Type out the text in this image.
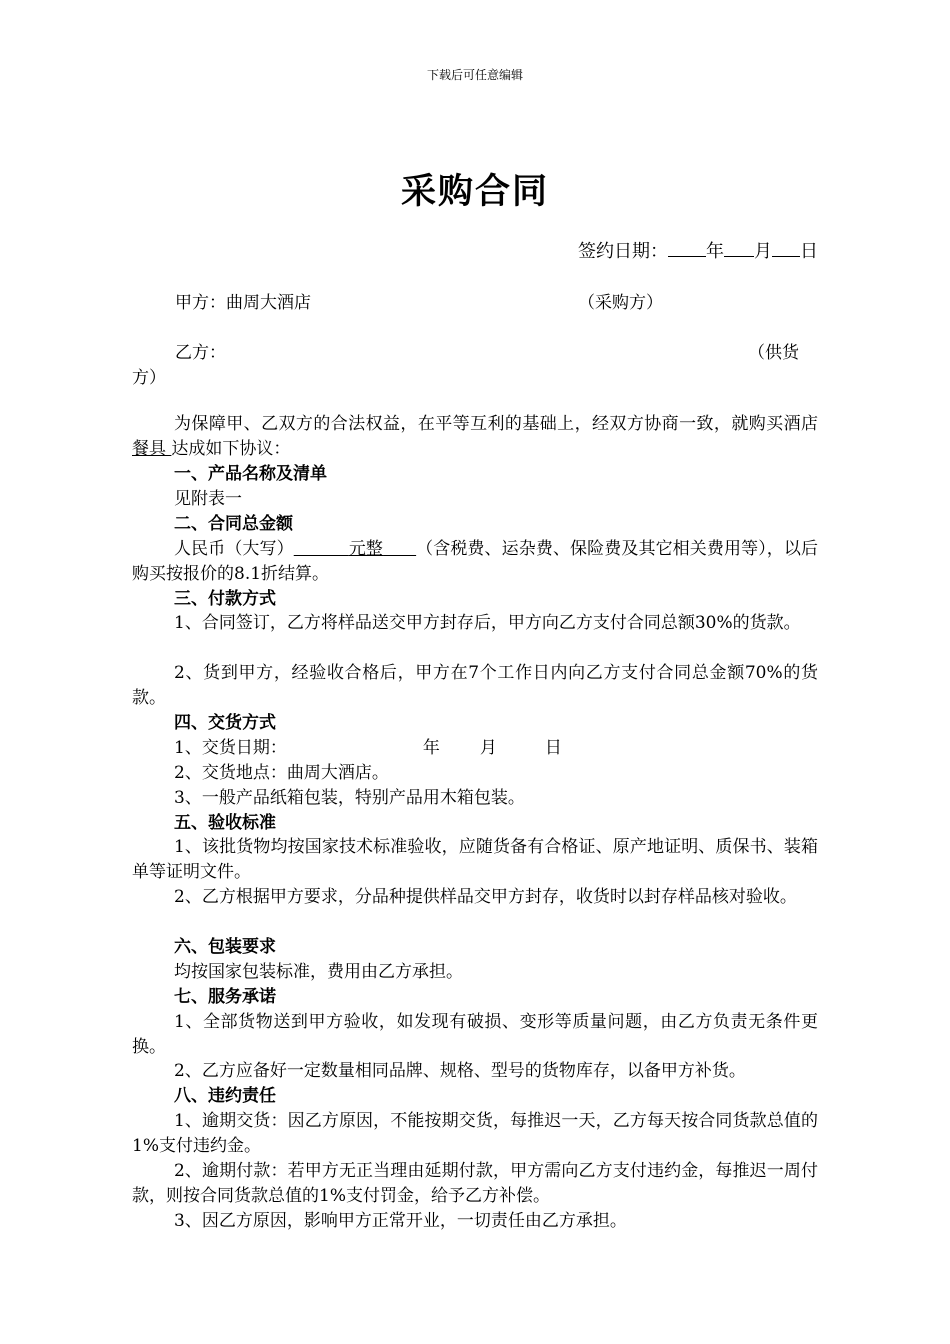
下载后可任意编辑
采购合同
签约日期： 年 月 日
甲方：曲周大酒店	（采购方）
乙方：	（供货
方）
为保障甲、乙双方的合法权益，在平等互利的基础上，经双方协商一致，就购买酒店 餐具 达成如下协议：
一、产品名称及清单
见附表一
二、合同总金额
人民币（大写）	元整 （含税费、运杂费、保险费及其它相关费用等），以后购买按报价的8.1折结算。
三、付款方式
1、合同签订，乙方将样品送交甲方封存后，甲方向乙方支付合同总额30%的货款。
2、货到甲方，经验收合格后，甲方在7个工作日内向乙方支付合同总金额70%的货款。
四、交货方式
1、交货日期：	年 月	日
2、交货地点：曲周大酒店。
3、一般产品纸箱包装，特别产品用木箱包装。
五、验收标准
1、该批货物均按国家技术标准验收，应随货备有合格证、原产地证明、质保书、装箱单等证明文件。
2、乙方根据甲方要求，分品种提供样品交甲方封存，收货时以封存样品核对验收。
六、包装要求
均按国家包装标准，费用由乙方承担。
七、服务承诺
1、全部货物送到甲方验收，如发现有破损、变形等质量问题，由乙方负责无条件更换。
2、乙方应备好一定数量相同品牌、规格、型号的货物库存，以备甲方补货。
八、违约责任
1、逾期交货：因乙方原因，不能按期交货，每推迟一天，乙方每天按合同货款总值的1%支付违约金。
2、逾期付款：若甲方无正当理由延期付款，甲方需向乙方支付违约金，每推迟一周付款，则按合同货款总值的1%支付罚金，给予乙方补偿。
3、因乙方原因，影响甲方正常开业，一切责任由乙方承担。
